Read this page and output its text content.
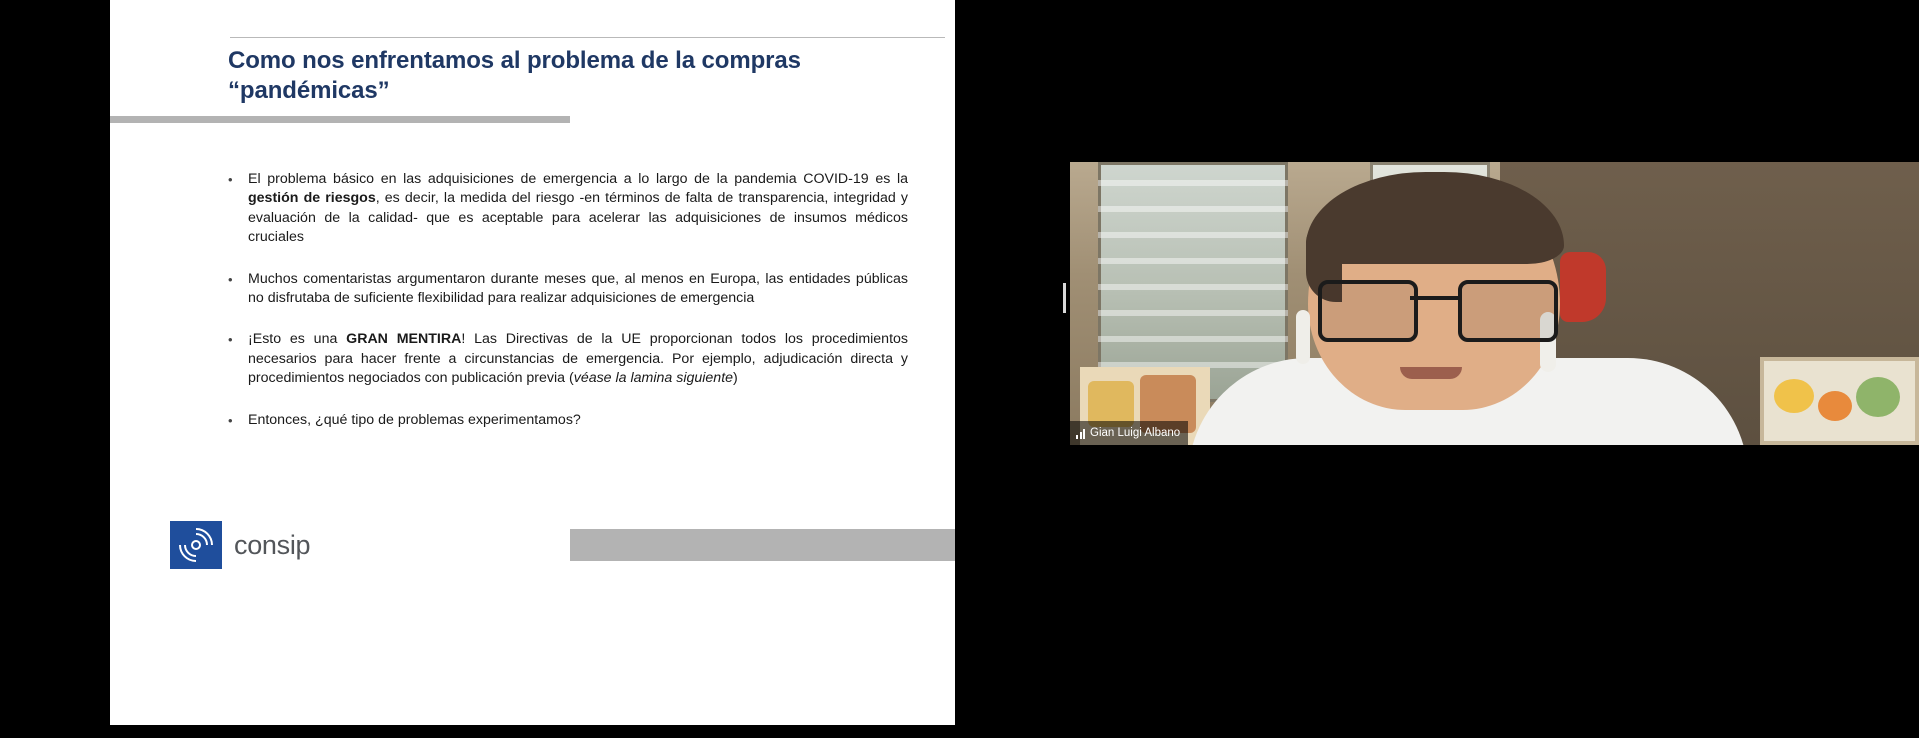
Como nos enfrentamos al problema de la compras “pandémicas”
• El problema básico en las adquisiciones de emergencia a lo largo de la pandemia COVID-19 es la gestión de riesgos, es decir, la medida del riesgo -en términos de falta de transparencia, integridad y evaluación de la calidad- que es aceptable para acelerar las adquisiciones de insumos médicos cruciales
• Muchos comentaristas argumentaron durante meses que, al menos en Europa, las entidades públicas no disfrutaba de suficiente flexibilidad para realizar adquisiciones de emergencia
• ¡Esto es una GRAN MENTIRA! Las Directivas de la UE proporcionan todos los procedimientos necesarios para hacer frente a circunstancias de emergencia. Por ejemplo, adjudicación directa y procedimientos negociados con publicación previa (véase la lamina siguiente)
• Entonces, ¿qué tipo de problemas experimentamos?
consip
Gian Luigi Albano
